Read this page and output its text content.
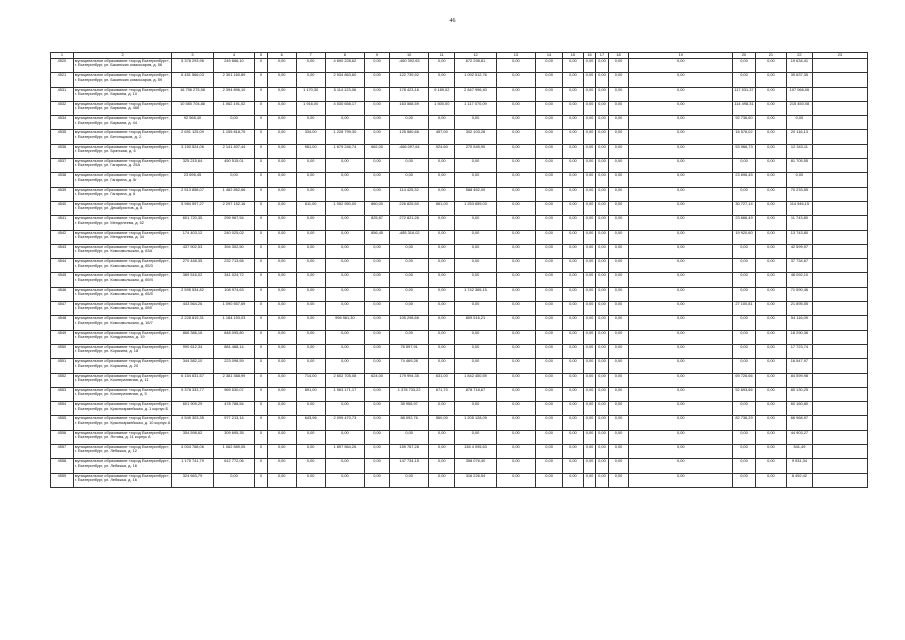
46
1	2	3	4	5	6	7	8	9	10	11	12	13	14	15	16	17	18	19	20	21	22	23
4520	муниципальное образование «город Екатеринбург», г. Екатеринбург, ул. Бакинских комиссаров, д. 56	5 378 293,96	249 666,10	0	0,00	0,00	4 690 228,62	0,00	-460 392,63	0,00	672 298,81	0,00	0,00	0,00	0,00	0,00	0,00	0,00	0,00	0,00	19 634,41	
4521	муниципальное образование «город Екатеринбург», г. Екатеринбург, ул. Бакинских комиссаров, д. 59	6 451 566,03	2 301 160,89	0	0,00	0,00	2 934 863,60	0,00	122 739,92	0,00	1 092 512,76	0,00	0,00	0,00	0,00	0,00	0,00	0,00	0,00	0,00	39 637,35	
4531	муниципальное образование «город Екатеринбург», г. Екатеринбург, ул. Баумана, д. 10	16 756 275,58	2 394 896,10	0	0,00	1 170,30	5 114 123,06	0,00	178 423,16	9 189,02	2 847 996,40	0,00	0,00	0,00	0,00	0,00	0,00	0,00	117 531,37	0,00	107 066,06	
4532	муниципальное образование «город Екатеринбург», г. Екатеринбург, ул. Баумана, д. 46б	10 580 704,88	1 062 191,02	0	0,00	1 916,00	4 530 658,17	0,00	163 568,59	1 500,00	1 117 070,09	0,00	0,00	0,00	0,00	0,00	0,00	0,00	114 498,31	0,00	215 450,08	
4534	муниципальное образование «город Екатеринбург», г. Екатеринбург, ул. Баумана, д. 44	92 568,40	0,00	0	0,00	0,00	0,00	0,00	0,00	0,00	0,00	0,00	0,00	0,00	0,00	0,00	0,00	0,00	92 736,60	0,00	0,00	
4535	муниципальное образование «город Екатеринбург», г. Екатеринбург, ул. Бетонщиков, д. 2	2 691 125,09	1 155 818,75	0	0,00	334,00	1 228 799,30	0,00	125 580,66	457,00	302 103,28	0,00	0,00	0,00	0,00	0,00	0,00	0,00	16 576,02	0,00	20 116,13	
4536	муниципальное образование «город Екатеринбург», г. Екатеринбург, ул. Братская, д. 6	3 150 524,06	2 141 407,44	0	0,00	961,00	1 679 246,74	662,00	-466 097,64	924,60	270 545,90	0,00	0,00	0,00	0,00	0,00	0,00	0,00	53 966,73	0,00	12 343,11	
4537	муниципальное образование «город Екатеринбург», г. Екатеринбург, ул. Гагарина, д. 25А	325 215,64	450 515,01	0	0,00	0,00	0,00	0,00	0,00	0,00	0,00	0,00	0,00	0,00	0,00	0,00	0,00	0,00	0,00	0,00	81 705,55	
4538	муниципальное образование «город Екатеринбург», г. Екатеринбург, ул. Гагарина, д. 5г	23 696,45	0,00	0	0,00	0,00	0,00	0,00	0,00	0,00	0,00	0,00	0,00	0,00	0,00	0,00	0,00	0,00	23 696,45	0,00	0,00	
4539	муниципальное образование «город Екатеринбург», г. Екатеринбург, ул. Гагарина, д. 6	2 513 858,07	1 482 852,66	0	0,00	0,00	0,00	0,00	114 425,32	0,00	588 452,00	0,00	0,00	0,00	0,00	0,00	0,00	0,00	0,00	0,00	70 233,55	
4540	муниципальное образование «город Екатеринбург», г. Екатеринбург, ул. Декабристов, д. 8	5 984 597,27	2 297 152,16	0	0,00	611,00	1 052 950,00	860,00	226 825,50	661,00	1 253 659,03	0,00	0,00	0,00	0,00	0,00	0,00	0,00	30 727,14	0,00	114 946,15	
4541	муниципальное образование «город Екатеринбург», г. Екатеринбург, ул. Менделеева, д. 52	601 720,35	295 967,54	0	0,00	0,00	0,00	825,87	272 821,26	0,00	0,00	0,00	0,00	0,00	0,00	0,00	0,00	0,00	23 666,49	0,00	11 743,80	
4542	муниципальное образование «город Екатеринбург», г. Екатеринбург, ул. Менделеева, д. 34	174 403,12	240 025,02	0	0,00	0,00	0,00	656,45	-485 316,02	0,00	0,00	0,00	0,00	0,00	0,00	0,00	0,00	0,00	19 920,60	0,00	13 743,80	
4543	муниципальное образование «город Екатеринбург», г. Екатеринбург, ул. Комсомольская, д. 63А	437 902,53	394 302,50	0	0,00	0,00	0,00	0,00	0,00	0,00	0,00	0,00	0,00	0,00	0,00	0,00	0,00	0,00	0,00	0,00	42 599,97	
4544	муниципальное образование «город Екатеринбург», г. Екатеринбург, ул. Комсомольская, д. 65/3	270 448,35	232 713,68	0	0,00	0,00	0,00	0,00	0,00	0,00	0,00	0,00	0,00	0,00	0,00	0,00	0,00	0,00	0,00	0,00	37 734,67	
4545	муниципальное образование «город Екатеринбург», г. Екатеринбург, ул. Комсомольская, д. 69/4	389 516,02	341 024,72	0	0,00	0,00	0,00	0,00	0,00	0,00	0,00	0,00	0,00	0,00	0,00	0,00	0,00	0,00	0,00	0,00	48 092,10	
4546	муниципальное образование «город Екатеринбург», г. Екатеринбург, ул. Комсомольская, д. 65/5	2 595 534,82	108 974,63	0	0,00	0,00	0,00	0,00	0,00	0,00	1 742 365,15	0,00	0,00	0,00	0,00	0,00	0,00	0,00	0,00	0,00	71 590,46	
4547	муниципальное образование «город Екатеринбург», г. Екатеринбург, ул. Комсомольская, д. 65б	443 564,26	1 090 557,69	0	0,00	0,00	0,00	0,00	0,00	0,00	0,00	0,00	0,00	0,00	0,00	0,00	0,00	0,00	27 100,81	0,00	21 895,55	
4548	муниципальное образование «город Екатеринбург», г. Екатеринбург, ул. Комсомольская, д. 16/7	2 228 819,31	1 184 193,03	0	0,00	0,00	996 961,30	0,00	105 298,66	0,00	809 516,21	0,00	0,00	0,00	0,00	0,00	0,00	0,00	0,00	0,00	54 116,09	
4549	муниципальное образование «город Екатеринбург», г. Екатеринбург, ул. Кондратьева, д. 19	866 386,16	848 095,80	0	0,00	0,00	0,00	0,00	0,00	0,00	0,00	0,00	0,00	0,00	0,00	0,00	0,00	0,00	0,00	0,00	18 290,36	
4550	муниципальное образование «город Екатеринбург», г. Екатеринбург, ул. Корякина, д. 18	990 612,34	881 468,14	0	0,00	0,00	0,00	0,00	76 597,91	0,00	0,00	0,00	0,00	0,00	0,00	0,00	0,00	0,00	0,00	0,00	17 723,74	
4551	муниципальное образование «город Екатеринбург», г. Екатеринбург, ул. Корякина, д. 20	344 582,10	223 098,59	0	0,00	0,00	0,00	0,00	74 469,28	0,00	0,00	0,00	0,00	0,00	0,00	0,00	0,00	0,00	0,00	0,00	16 547,97	
4552	муниципальное образование «город Екатеринбург», г. Екатеринбург, ул. Кооперативная, д. 11	6 154 631,57	2 381 368,99	0	0,00	714,00	2 602 705,08	624,00	179 994,35	631,00	1 842 450,59	0,00	0,00	0,00	0,00	0,00	0,00	0,00	69 726,66	0,00	84 599,98	
4553	муниципальное образование «город Екатеринбург», г. Екатеринбург, ул. Кооперативная, д. 5	5 378 333,77	969 530,07	0	0,00	891,00	1 963 171,17	0,00	1 378 733,22	671,70	878 718,67	0,00	0,00	0,00	0,00	0,00	0,00	0,00	52 693,66	0,00	80 130,25	
4554	муниципальное образование «город Екатеринбург», г. Екатеринбург, ул. Красноармейская, д. 1 корпус Б	601 909,29	478 788,54	0	0,00	0,00	0,00	0,00	35 956,97	0,00	0,00	0,00	0,00	0,00	0,00	0,00	0,00	0,00	0,00	0,00	60 160,80	
4555	муниципальное образование «город Екатеринбург», г. Екатеринбург, ул. Красноармейская, д. 10 корпус А	4 549 303,35	977 213,14	0	0,00	643,96	2 099 470,73	0,00	88 092,76	560,00	1 205 128,09	0,00	0,00	0,00	0,00	0,00	0,00	0,00	82 736,29	0,00	66 968,97	
4556	муниципальное образование «город Екатеринбург», г. Екатеринбург, ул. Ястова, д. 11 корпус А	354 598,62	309 695,35	0	0,00	0,00	0,00	0,00	0,00	0,00	0,00	0,00	0,00	0,00	0,00	0,00	0,00	0,00	0,00	0,00	44 903,27	
4557	муниципальное образование «город Екатеринбург», г. Екатеринбург, ул. Лебяжья, д. 12	4 004 768,06	1 062 589,05	0	0,00	0,00	1 897 564,26	0,00	159 767,28	0,00	136 4 095,63	0,00	0,00	0,00	0,00	0,00	0,00	0,00	0,00	0,00	541,49	
4558	муниципальное образование «город Екатеринбург», г. Екатеринбург, ул. Лебяжья, д. 16	1 175 741,79	612 772,06	0	0,00	0,00	0,00	0,00	147 734,15	0,00	358 076,40	0,00	0,00	0,00	0,00	0,00	0,00	0,00	0,00	0,00	9 531,34	
4559	муниципальное образование «город Екатеринбург», г. Екатеринбург, ул. Лебяжья, д. 16	324 663,79	0,00	0	0,00	0,00	0,00	0,00	0,00	0,00	316 226,54	0,00	0,00	0,00	0,00	0,00	0,00	0,00	0,00	0,00	8 492,42	
